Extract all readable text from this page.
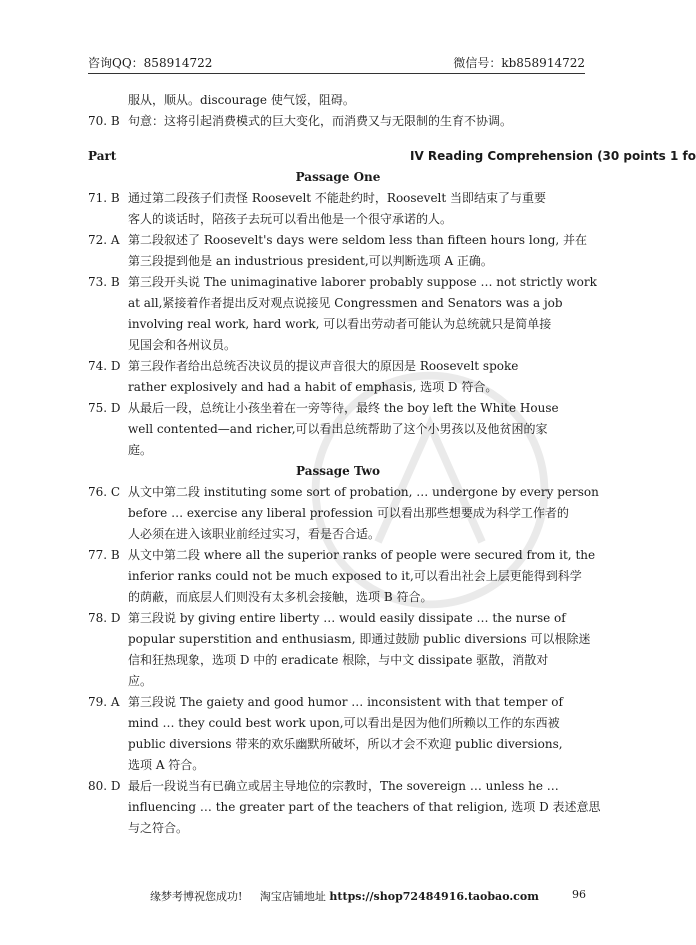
咨询QQ：858914722	微信号：kb858914722
服从，顺从。discourage 使气馁，阻碍。
70. B 句意：这将引起消费模式的巨大变化，而消费又与无限制的生育不协调。
Part	IV Reading Comprehension (30 points 1 fo
Passage One
71. B 通过第二段孩子们责怪 Roosevelt 不能赴约时，Roosevelt 当即结束了与重要
客人的谈话时，陪孩子去玩可以看出他是一个很守承诺的人。
72. A 第二段叙述了 Roosevelt's days were seldom less than fifteen hours long, 并在
第三段提到他是 an industrious president,可以判断选项 A 正确。
73. B 第三段开头说 The unimaginative laborer probably suppose … not strictly work
at all,紧接着作者提出反对观点说接见 Congressmen and Senators was a job
involving real work, hard work, 可以看出劳动者可能认为总统就只是简单接
见国会和各州议员。
74. D 第三段作者给出总统否决议员的提议声音很大的原因是 Roosevelt spoke
rather explosively and had a habit of emphasis, 选项 D 符合。
75. D 从最后一段，总统让小孩坐着在一旁等待，最终 the boy left the White House
well contented—and richer,可以看出总统帮助了这个小男孩以及他贫困的家
庭。
Passage Two
76. C 从文中第二段 instituting some sort of probation, … undergone by every person
before … exercise any liberal profession 可以看出那些想要成为科学工作者的
人必须在进入该职业前经过实习，看是否合适。
77. B 从文中第二段 where all the superior ranks of people were secured from it, the
inferior ranks could not be much exposed to it,可以看出社会上层更能得到科学
的荫蔽，而底层人们则没有太多机会接触，选项 B 符合。
78. D 第三段说 by giving entire liberty … would easily dissipate … the nurse of
popular superstition and enthusiasm, 即通过鼓励 public diversions 可以根除迷
信和狂热现象，选项 D 中的 eradicate 根除，与中文 dissipate 驱散，消散对
应。
79. A 第三段说 The gaiety and good humor … inconsistent with that temper of
mind … they could best work upon,可以看出是因为他们所赖以工作的东西被
public diversions 带来的欢乐幽默所破坏，所以才会不欢迎 public diversions,
选项 A 符合。
80. D 最后一段说当有已确立或居主导地位的宗教时，The sovereign … unless he …
influencing … the greater part of the teachers of that religion, 选项 D 表述意思
与之符合。
缘梦考博祝您成功! 淘宝店铺地址 https://shop72484916.taobao.com	96
